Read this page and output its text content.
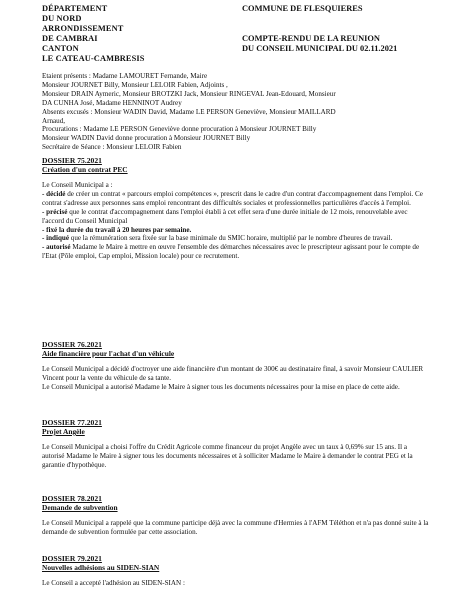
DÉPARTEMENT
DU NORD
ARRONDISSEMENT
DE CAMBRAI
CANTON
LE CATEAU-CAMBRESIS
COMMUNE DE FLESQUIERES
COMPTE-RENDU DE LA REUNION
DU CONSEIL MUNICIPAL DU 02.11.2021
Etaient présents : Madame LAMOURET Fernande, Maire
Monsieur JOURNET Billy, Monsieur LELOIR Fabien, Adjoints ,
Monsieur DRAIN Aymeric, Monsieur BROTZKI Jack, Monsieur RINGEVAL Jean-Edouard, Monsieur
DA CUNHA José, Madame HENNINOT Audrey
Absents excusés : Monsieur WADIN David, Madame LE PERSON Geneviève, Monsieur MAILLARD
Arnaud,
Procurations : Madame LE PERSON Geneviève donne procuration à Monsieur JOURNET Billy
Monsieur WADIN David donne procuration à Monsieur JOURNET Billy
Secrétaire de Séance : Monsieur LELOIR Fabien
DOSSIER 75.2021
Création d'un contrat PEC
Le Conseil Municipal a :
- décidé de créer un contrat « parcours emploi compétences », prescrit dans le cadre d'un contrat d'accompagnement dans l'emploi. Ce contrat s'adresse aux personnes sans emploi rencontrant des difficultés sociales et professionnelles particulières d'accès à l'emploi.
- précisé que le contrat d'accompagnement dans l'emploi établi à cet effet sera d'une durée initiale de 12 mois, renouvelable avec l'accord du Conseil Municipal
- fixé la durée du travail à 20 heures par semaine.
- indiqué que la rémunération sera fixée sur la base minimale du SMIC horaire, multiplié par le nombre d'heures de travail.
- autorisé Madame le Maire à mettre en œuvre l'ensemble des démarches nécessaires avec le prescripteur agissant pour le compte de l'Etat (Pôle emploi, Cap emploi, Mission locale) pour ce recrutement.
DOSSIER 76.2021
Aide financière pour l'achat d'un véhicule
Le Conseil Municipal a décidé d'octroyer une aide financière d'un montant de 300€ au destinataire final, à savoir Monsieur CAULIER Vincent pour la vente du véhicule de sa tante.
Le Conseil Municipal a autorisé Madame le Maire à signer tous les documents nécessaires pour la mise en place de cette aide.
DOSSIER 77.2021
Projet Angèle
Le Conseil Municipal a choisi l'offre du Crédit Agricole comme financeur du projet Angèle avec un taux à 0,69% sur 15 ans. Il a autorisé Madame le Maire à signer tous les documents nécessaires et à solliciter Madame le Maire à demander le contrat PEG et la garantie d'hypothèque.
DOSSIER 78.2021
Demande de subvention
Le Conseil Municipal a rappelé que la commune participe déjà avec la commune d'Hermies à l'AFM Téléthon et n'a pas donné suite à la demande de subvention formulée par cette association.
DOSSIER 79.2021
Nouvelles adhésions au SIDEN-SIAN
Le Conseil a accepté l'adhésion au SIDEN-SIAN :
